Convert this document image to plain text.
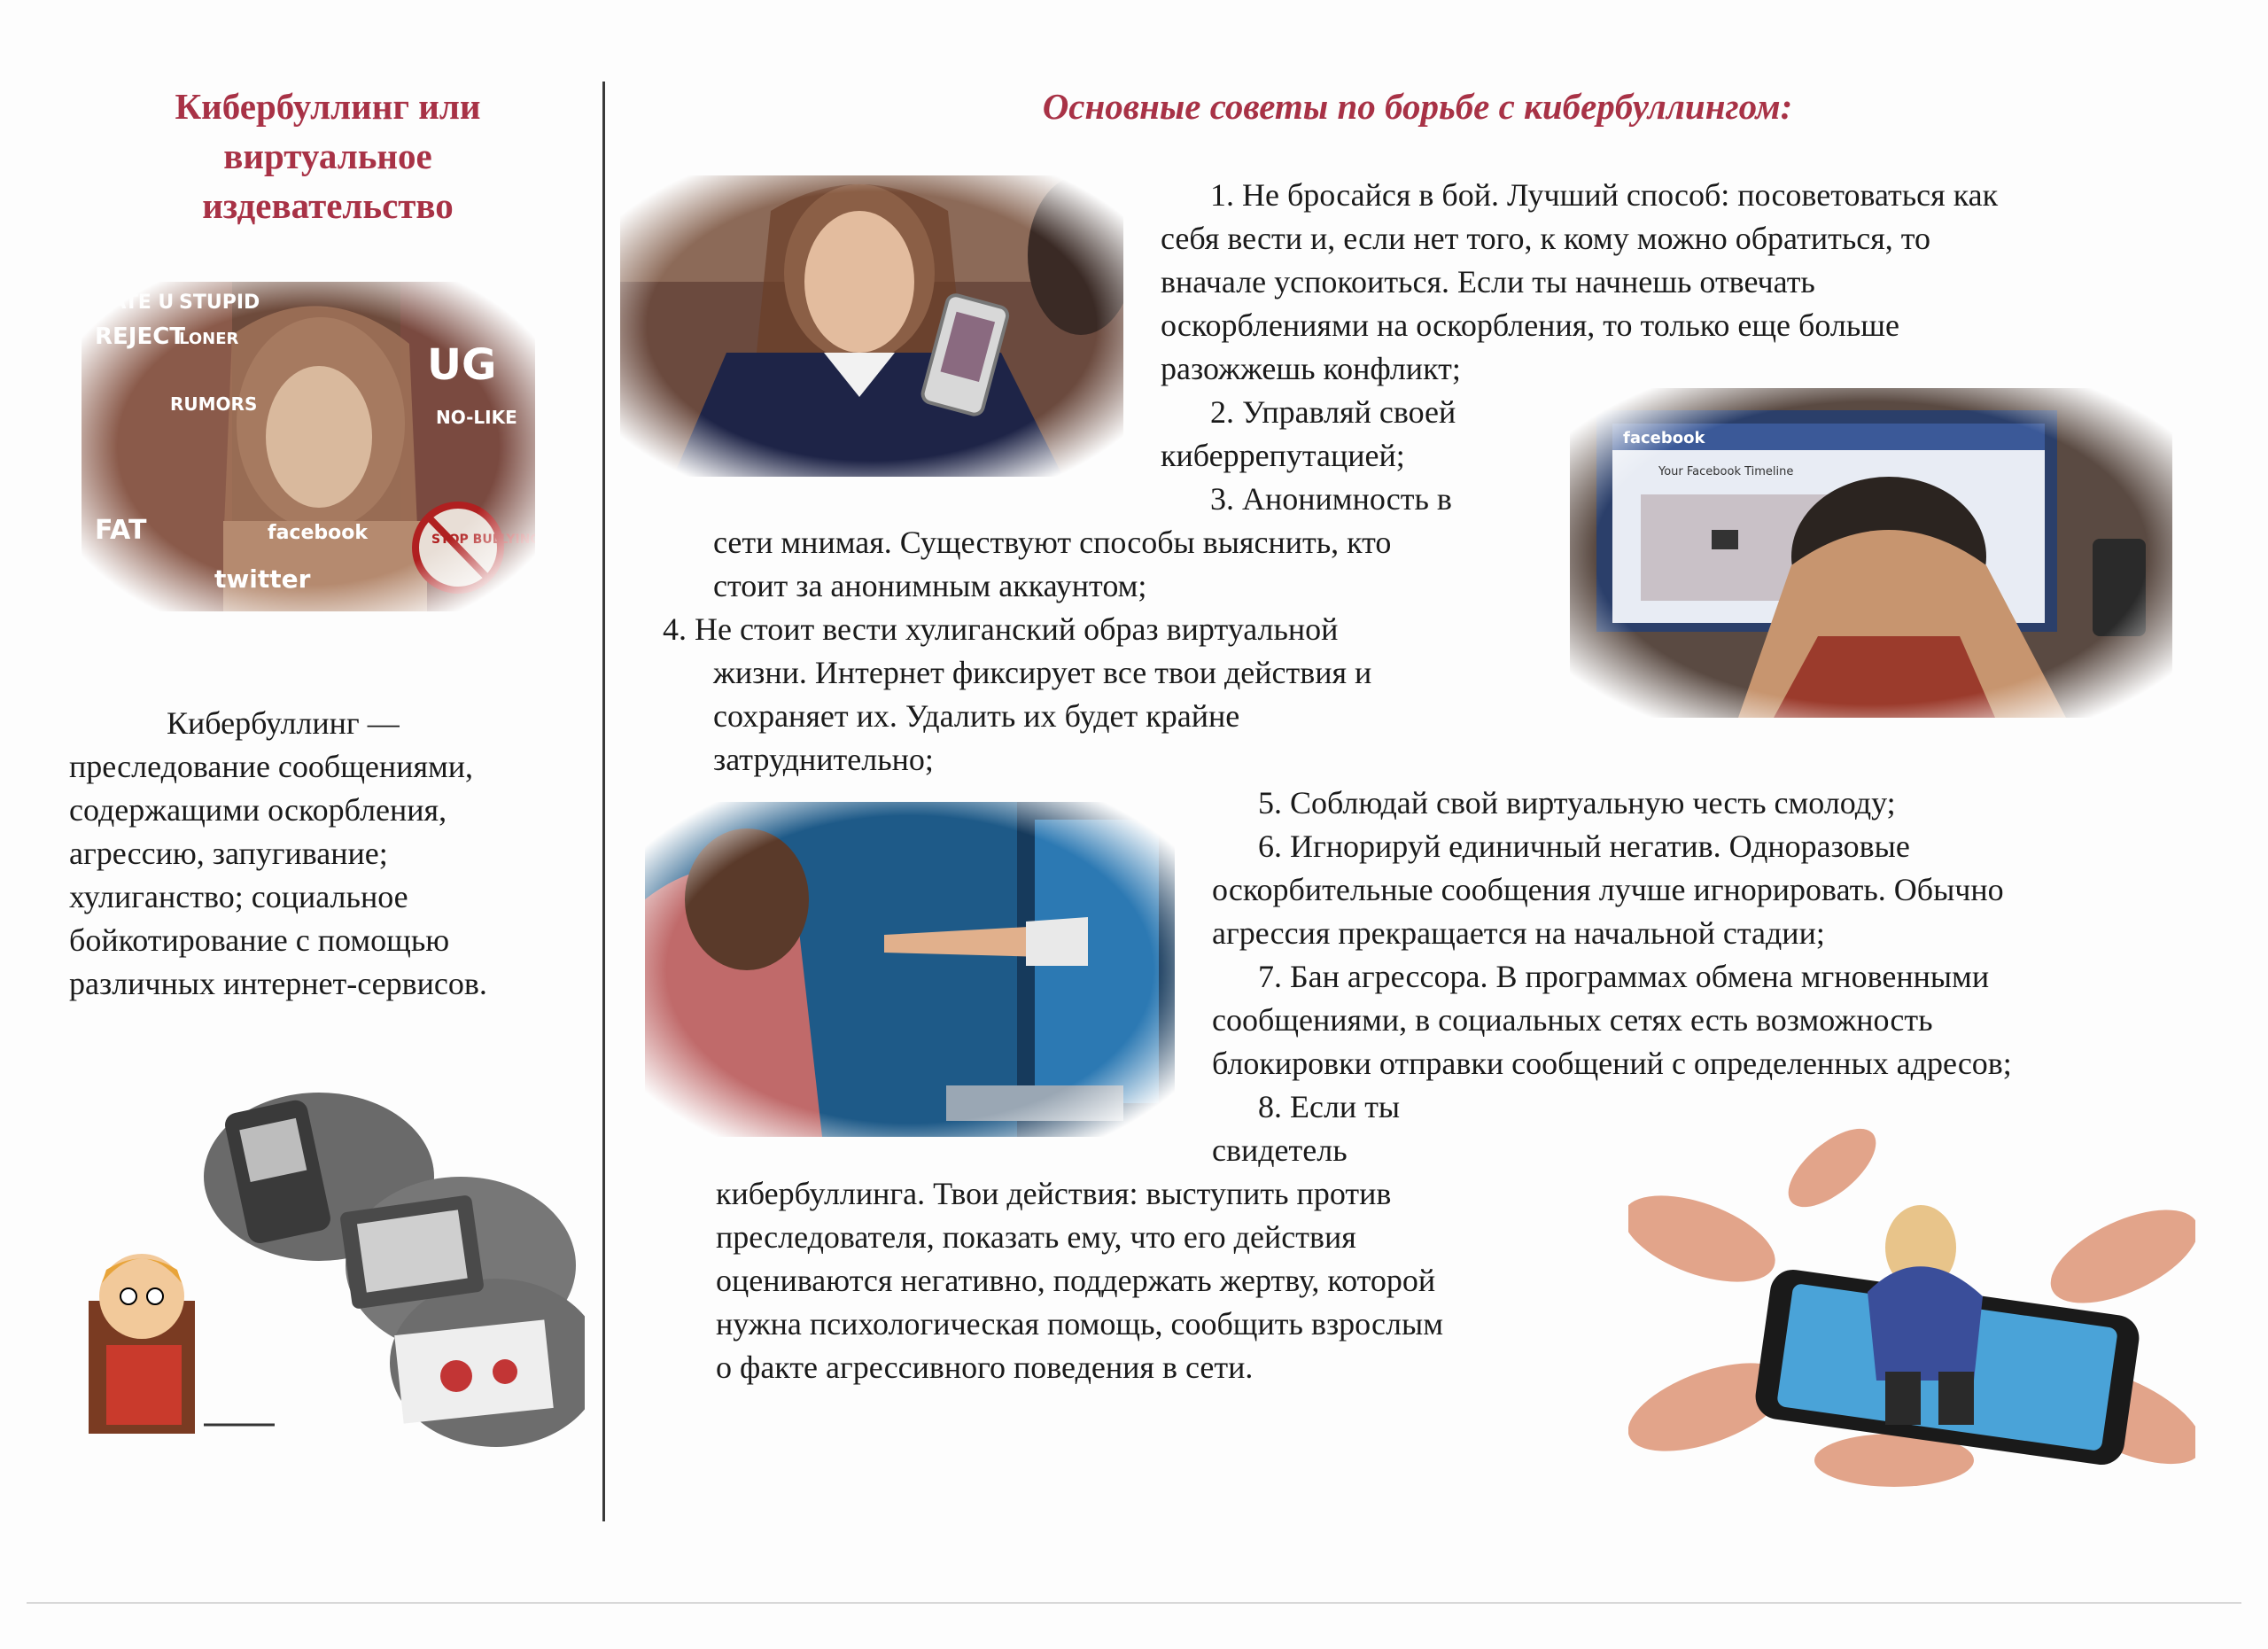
Кибербуллинг или
виртуальное
издевательство

Кибербуллинг —
преследование сообщениями,
содержащими оскорбления,
агрессию, запугивание;
хулиганство; социальное
бойкотирование с помощью
различных интернет-сервисов.

Основные советы по борьбе с кибербуллингом:

1. Не бросайся в бой. Лучший способ: посоветоваться как
себя вести и, если нет того, к кому можно обратиться, то
вначале успокоиться. Если ты начнешь отвечать
оскорблениями на оскорбления, то только еще больше
разожжешь конфликт;

2. Управляй своей
киберрепутацией;

3. Анонимность в
сети мнимая. Существуют способы выяснить, кто
стоит за анонимным аккаунтом;

4. Не стоит вести хулиганский образ виртуальной
жизни. Интернет фиксирует все твои действия и
сохраняет их. Удалить их будет крайне
затруднительно;

5. Соблюдай свой виртуальную честь смолоду;

6. Игнорируй единичный негатив. Одноразовые
оскорбительные сообщения лучше игнорировать. Обычно
агрессия прекращается на начальной стадии;

7. Бан агрессора. В программах обмена мгновенными
сообщениями, в социальных сетях есть возможность
блокировки отправки сообщений с определенных адресов;

8. Если ты
свидетель

кибербуллинга. Твои действия: выступить против
преследователя, показать ему, что его действия
оцениваются негативно, поддержать жертву, которой
нужна психологическая помощь, сообщить взрослым
о факте агрессивного поведения в сети.
